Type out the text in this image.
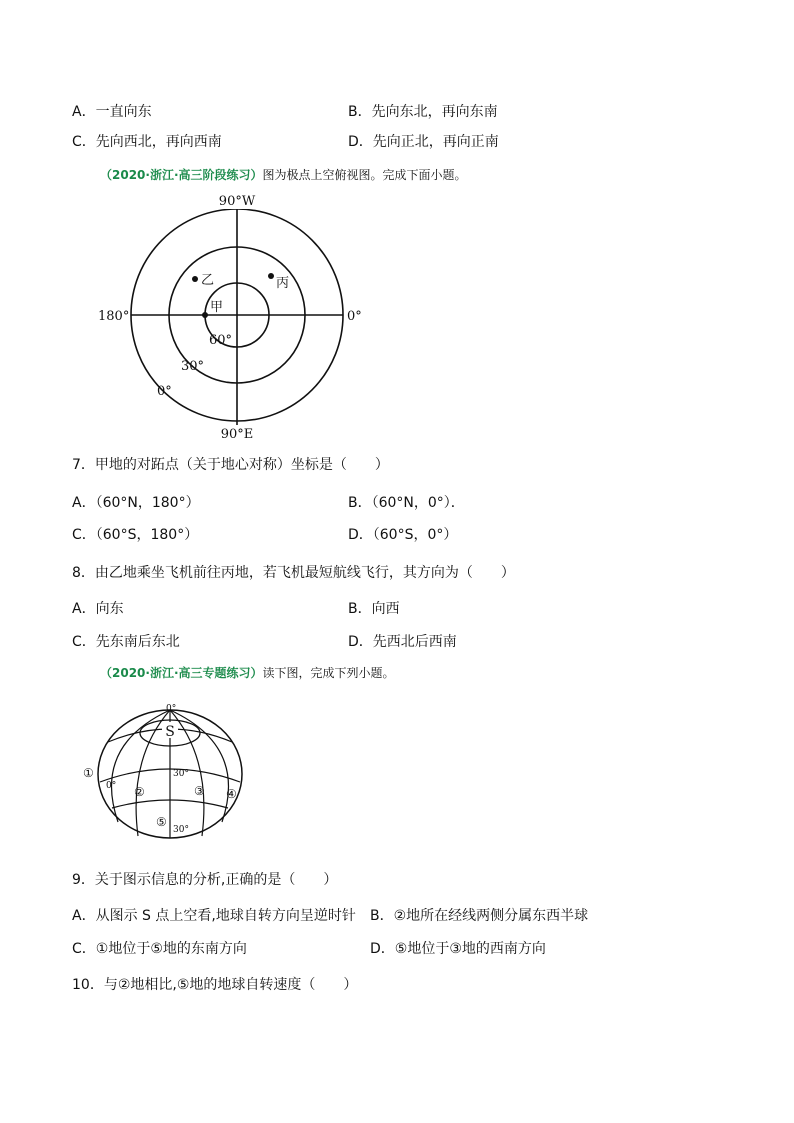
A．一直向东	B．先向东北，再向东南
C．先向西北，再向西南	D．先向正北，再向正南
（2020·浙江·高三阶段练习）图为极点上空俯视图。完成下面小题。
90°W
90°E
180°	0°
60°
30°
0°
甲
乙	丙
7．甲地的对跖点（关于地心对称）坐标是（　　）
A．（60°N，180°）	B．（60°N，0°）．
C．（60°S，180°）	D．（60°S，0°）
8．由乙地乘坐飞机前往丙地，若飞机最短航线飞行，其方向为（　　）
A．向东	B．向西
C．先东南后东北	D．先西北后西南
（2020·浙江·高三专题练习）读下图，完成下列小题。
S
0°
0°
30°
30°
①
②	③ ④
⑤
9．关于图示信息的分析,正确的是（　　）
A．从图示 S 点上空看,地球自转方向呈逆时针 B．②地所在经线两侧分属东西半球
C．①地位于⑤地的东南方向	D．⑤地位于③地的西南方向
10．与②地相比,⑤地的地球自转速度（　　）
